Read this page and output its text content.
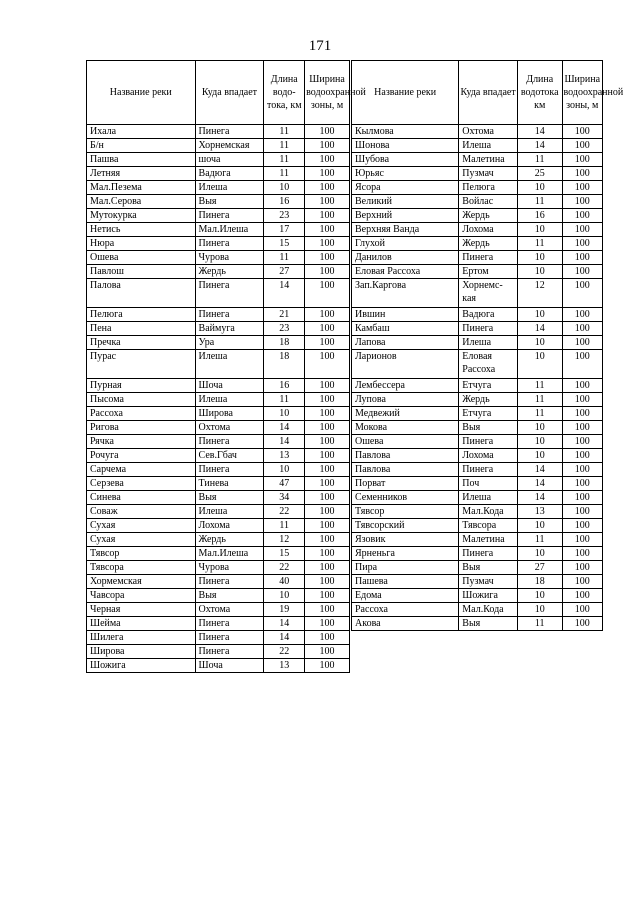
171
Название реки	Куда впадает	Длина водо-тока, км	Ширина водоохранной зоны, м
Ихала	Пинега	11	100
Б/н	Хорнемская	11	100
Пашва	шоча	11	100
Летняя	Вадюга	11	100
Мал.Пезема	Илеша	10	100
Мал.Серова	Выя	16	100
Мутокурка	Пинега	23	100
Нетись	Мал.Илеша	17	100
Нюра	Пинега	15	100
Ошева	Чурова	11	100
Павлош	Жердь	27	100
Палова	Пинега	14	100
Пелюга	Пинега	21	100
Пена	Ваймуга	23	100
Пречка	Ура	18	100
Пурас	Илеша	18	100
Пурная	Шоча	16	100
Пысома	Илеша	11	100
Рассоха	Широва	10	100
Ригова	Охтома	14	100
Рячка	Пинега	14	100
Рочуга	Сев.Гбач	13	100
Сарчема	Пинега	10	100
Серзева	Тинева	47	100
Синева	Выя	34	100
Соваж	Илеша	22	100
Сухая	Лохома	11	100
Сухая	Жердь	12	100
Тявсор	Мал.Илеша	15	100
Тявсора	Чурова	22	100
Хормемская	Пинега	40	100
Чавсора	Выя	10	100
Черная	Охтома	19	100
Шейма	Пинега	14	100
Шилега	Пинега	14	100
Широва	Пинега	22	100
Шожига	Шоча	13	100
Название реки	Куда впадает	Длина водотока км	Ширина водоохранной зоны, м
Кылмова	Охтома	14	100
Шонова	Илеша	14	100
Шубова	Малетина	11	100
Юрьяс	Пузмач	25	100
Ясора	Пелюга	10	100
Великий	Войлас	11	100
Верхний	Жердь	16	100
Верхняя Ванда	Лохома	10	100
Глухой	Жердь	11	100
Данилов	Пинега	10	100
Еловая Рассоха	Ертом	10	100
Зап.Каргова	Хорнемс-кая	12	100
Ившин	Вадюга	10	100
Камбаш	Пинега	14	100
Лапова	Илеша	10	100
Ларионов	Еловая Рассоха	10	100
Лембессера	Етчуга	11	100
Лупова	Жердь	11	100
Медвежий	Етчуга	11	100
Мокова	Выя	10	100
Ошева	Пинега	10	100
Павлова	Лохома	10	100
Павлова	Пинега	14	100
Порват	Поч	14	100
Семенников	Илеша	14	100
Тявсор	Мал.Кода	13	100
Тявсорский	Тявсора	10	100
Язовик	Малетина	11	100
Ярненьга	Пинега	10	100
Пира	Выя	27	100
Пашева	Пузмач	18	100
Едома	Шожига	10	100
Рассоха	Мал.Кода	10	100
Акова	Выя	11	100
